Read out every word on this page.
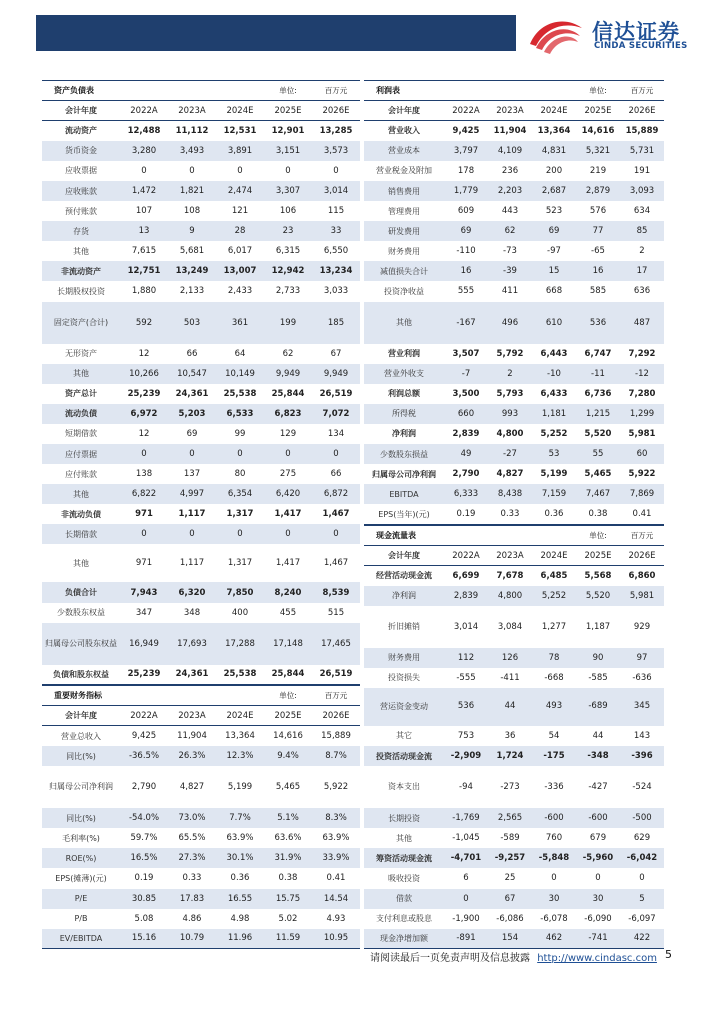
信达证券
CINDA SECURITIES
资产负债表				单位:	百万元
会计年度	2022A	2023A	2024E	2025E	2026E
流动资产	12,488	11,112	12,531	12,901	13,285
货币资金	3,280	3,493	3,891	3,151	3,573
应收票据	0	0	0	0	0
应收账款	1,472	1,821	2,474	3,307	3,014
预付账款	107	108	121	106	115
存货	13	9	28	23	33
其他	7,615	5,681	6,017	6,315	6,550
非流动资产	12,751	13,249	13,007	12,942	13,234
长期股权投资	1,880	2,133	2,433	2,733	3,033
固定资产(合计)	592	503	361	199	185
无形资产	12	66	64	62	67
其他	10,266	10,547	10,149	9,949	9,949
资产总计	25,239	24,361	25,538	25,844	26,519
流动负债	6,972	5,203	6,533	6,823	7,072
短期借款	12	69	99	129	134
应付票据	0	0	0	0	0
应付账款	138	137	80	275	66
其他	6,822	4,997	6,354	6,420	6,872
非流动负债	971	1,117	1,317	1,417	1,467
长期借款	0	0	0	0	0
其他	971	1,117	1,317	1,417	1,467
负债合计	7,943	6,320	7,850	8,240	8,539
少数股东权益	347	348	400	455	515
归属母公司股东权益	16,949	17,693	17,288	17,148	17,465
负债和股东权益	25,239	24,361	25,538	25,844	26,519
重要财务指标				单位:	百万元
会计年度	2022A	2023A	2024E	2025E	2026E
营业总收入	9,425	11,904	13,364	14,616	15,889
同比(%)	-36.5%	26.3%	12.3%	9.4%	8.7%
归属母公司净利润	2,790	4,827	5,199	5,465	5,922
同比(%)	-54.0%	73.0%	7.7%	5.1%	8.3%
毛利率(%)	59.7%	65.5%	63.9%	63.6%	63.9%
ROE(%)	16.5%	27.3%	30.1%	31.9%	33.9%
EPS(摊薄)(元)	0.19	0.33	0.36	0.38	0.41
P/E	30.85	17.83	16.55	15.75	14.54
P/B	5.08	4.86	4.98	5.02	4.93
EV/EBITDA	15.16	10.79	11.96	11.59	10.95
利润表				单位:	百万元
会计年度	2022A	2023A	2024E	2025E	2026E
营业收入	9,425	11,904	13,364	14,616	15,889
营业成本	3,797	4,109	4,831	5,321	5,731
营业税金及附加	178	236	200	219	191
销售费用	1,779	2,203	2,687	2,879	3,093
管理费用	609	443	523	576	634
研发费用	69	62	69	77	85
财务费用	-110	-73	-97	-65	2
减值损失合计	16	-39	15	16	17
投资净收益	555	411	668	585	636
其他	-167	496	610	536	487
营业利润	3,507	5,792	6,443	6,747	7,292
营业外收支	-7	2	-10	-11	-12
利润总额	3,500	5,793	6,433	6,736	7,280
所得税	660	993	1,181	1,215	1,299
净利润	2,839	4,800	5,252	5,520	5,981
少数股东损益	49	-27	53	55	60
归属母公司净利润	2,790	4,827	5,199	5,465	5,922
EBITDA	6,333	8,438	7,159	7,467	7,869
EPS(当年)(元)	0.19	0.33	0.36	0.38	0.41
现金流量表				单位:	百万元
会计年度	2022A	2023A	2024E	2025E	2026E
经营活动现金流	6,699	7,678	6,485	5,568	6,860
净利润	2,839	4,800	5,252	5,520	5,981
折旧摊销	3,014	3,084	1,277	1,187	929
财务费用	112	126	78	90	97
投资损失	-555	-411	-668	-585	-636
营运资金变动	536	44	493	-689	345
其它	753	36	54	44	143
投资活动现金流	-2,909	1,724	-175	-348	-396
资本支出	-94	-273	-336	-427	-524
长期投资	-1,769	2,565	-600	-600	-500
其他	-1,045	-589	760	679	629
筹资活动现金流	-4,701	-9,257	-5,848	-5,960	-6,042
吸收投资	6	25	0	0	0
借款	0	67	30	30	5
支付利息或股息	-1,900	-6,086	-6,078	-6,090	-6,097
现金净增加额	-891	154	462	-741	422
请阅读最后一页免责声明及信息披露 http://www.cindasc.com 5
